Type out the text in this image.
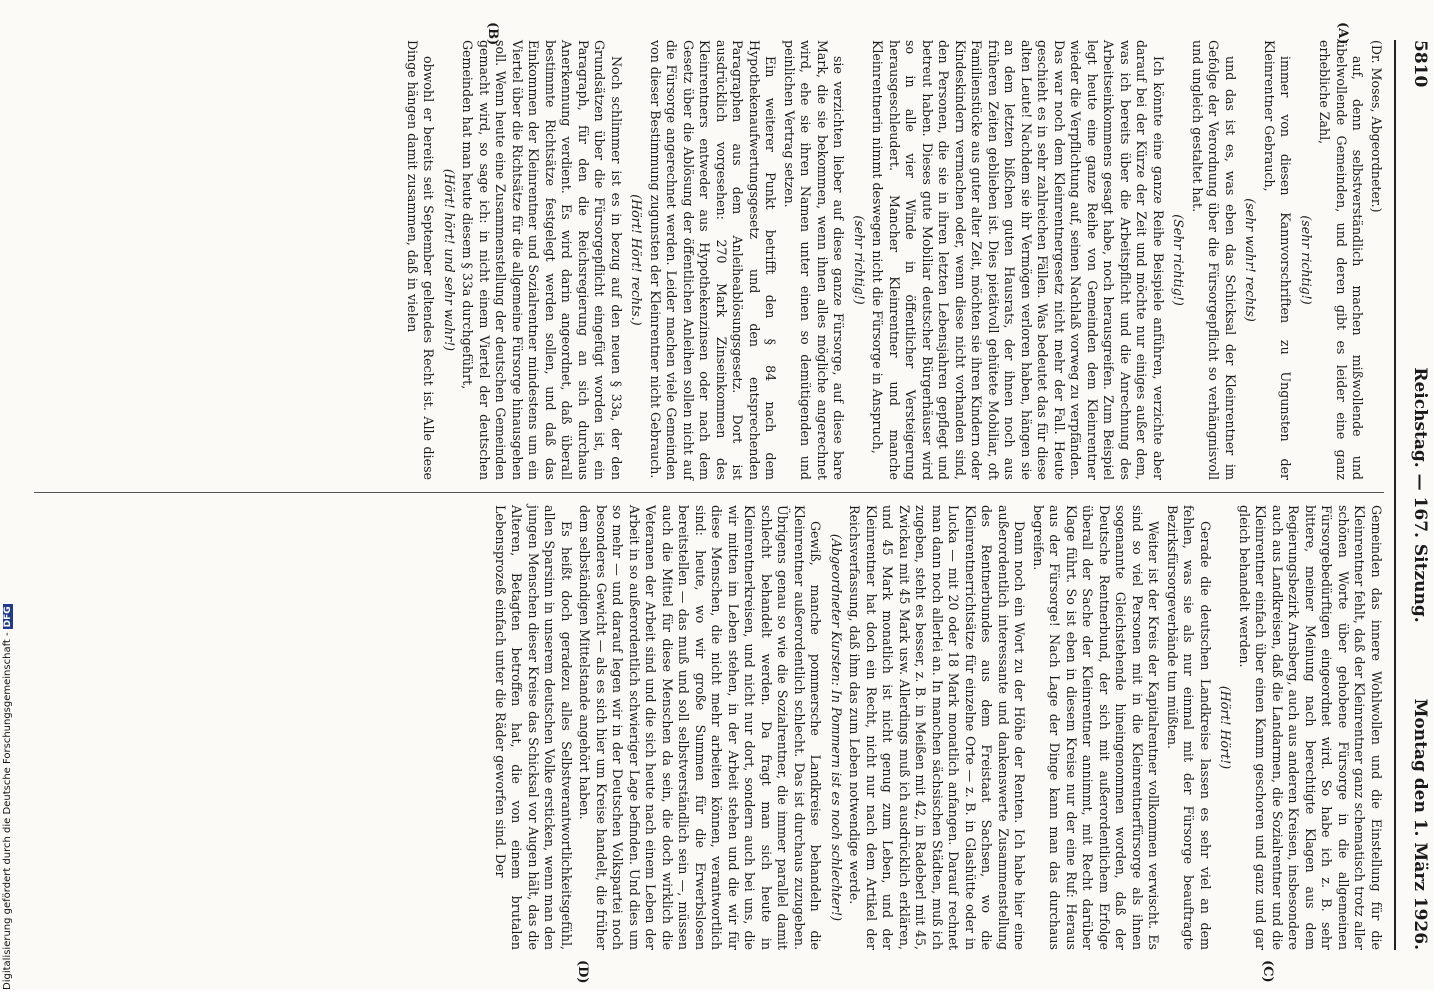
5810
Reichstag. — 167. Sitzung.
Montag den 1. März 1926.
(A)
(B)
(C)
(D)
(Dr. Moses, Abgeordneter.)
auf, denn selbstverständlich machen mißwollende und übelwollende Gemeinden, und deren gibt es leider eine ganz erhebliche Zahl,
(sehr richtig!)
immer von diesen Kannvorschriften zu Ungunsten der Kleinrentner Gebrauch,
(sehr wahr! rechts)
und das ist es, was eben das Schicksal der Kleinrentner im Gefolge der Verordnung über die Fürsorgepflicht so verhängnisvoll und ungleich gestaltet hat.
(Sehr richtig!)
Ich könnte eine ganze Reihe Beispiele anführen, verzichte aber darauf bei der Kürze der Zeit und möchte nur einiges außer dem, was ich bereits über die Arbeitspflicht und die Anrechnung des Arbeitseinkommens gesagt habe, noch herausgreifen. Zum Beispiel legt heute eine ganze Reihe von Gemeinden dem Kleinrentner wieder die Verpflichtung auf, seinen Nachlaß vorweg zu verpfänden. Das war noch dem Kleinrentnergesetz nicht mehr der Fall. Heute geschieht es in sehr zahlreichen Fällen. Was bedeutet das für diese alten Leute! Nachdem sie ihr Vermögen verloren haben, hängen sie an dem letzten bißchen guten Hausrats, der ihnen noch aus früheren Zeiten geblieben ist. Dies pietätvoll gehütete Mobiliar, oft Familienstücke aus guter alter Zeit, möchten sie ihren Kindern oder Kindeskindern vermachen oder, wenn diese nicht vorhanden sind, den Personen, die sie in ihren letzten Lebensjahren gepflegt und betreut haben. Dieses gute Mobiliar deutscher Bürgerhäuser wird so in alle vier Winde in öffentlicher Versteigerung herausgeschleudert. Mancher Kleinrentner und manche Kleinrentnerin nimmt deswegen nicht die Fürsorge in Anspruch,
(sehr richtig!)
sie verzichten lieber auf diese ganze Fürsorge, auf diese bare Mark, die sie bekommen, wenn ihnen alles mögliche angerechnet wird, ehe sie ihren Namen unter einen so demütigenden und peinlichen Vertrag setzen.
Ein weiterer Punkt betrifft den § 84 nach dem Hypothekenaufwertungsgesetz und den entsprechenden Paragraphen aus dem Anleiheablösungsgesetz. Dort ist ausdrücklich vorgesehen: 270 Mark Zinseinkommen des Kleinrentners entweder aus Hypothekenzinsen oder nach dem Gesetz über die Ablösung der öffentlichen Anleihen sollen nicht auf die Fürsorge angerechnet werden. Leider machen viele Gemeinden von dieser Bestimmung zugunsten der Kleinrentner nicht Gebrauch.
(Hört! Hört! rechts.)
Noch schlimmer ist es in bezug auf den neuen § 33a, der den Grundsätzen über die Fürsorgepflicht eingefügt worden ist, ein Paragraph, für den die Reichsregierung an sich durchaus Anerkennung verdient. Es wird darin angeordnet, daß überall bestimmte Richtsätze festgelegt werden sollen, und daß das Einkommen der Kleinrentner und Sozialrentner mindestens um ein Viertel über die Richtsätze für die allgemeine Fürsorge hinausgehen soll. Wenn heute eine Zusammenstellung der deutschen Gemeinden gemacht wird, so sage ich: in nicht einem Viertel der deutschen Gemeinden hat man heute diesem § 33a durchgeführt,
(Hört! hört! und sehr wahr!)
obwohl er bereits seit September geltendes Recht ist. Alle diese Dinge hängen damit zusammen, daß in vielen
Gemeinden das innere Wohlwollen und die Einstellung für die Kleinrentner fehlt, daß der Kleinrentner ganz schematisch trotz aller schönen Worte über gehobene Fürsorge in die allgemeinen Fürsorgebedürftigen eingeordnet wird. So habe ich z. B. sehr bittere, meiner Meinung nach berechtigte Klagen aus dem Regierungsbezirk Arnsberg, auch aus anderen Kreisen, insbesondere auch aus Landkreisen, daß die Landarmen, die Sozialrentner und die Kleinrentner einfach über einen Kamm geschoren und ganz und gar gleich behandelt werden.
(Hört! Hört!)
Gerade die deutschen Landkreise lassen es sehr viel an dem fehlen, was sie als nur einmal mit der Fürsorge beauftragte Bezirksfürsorgeverbände tun müßten.
Weiter ist der Kreis der Kapitalrentner vollkommen verwischt. Es sind so viel Personen mit in die Kleinrentnerfürsorge als ihnen sogenannte Gleichstehende hineingenommen worden, daß der Deutsche Rentnerbund, der sich mit außerordentlichem Erfolge überall der Sache der Kleinrentner annimmt, mit Recht darüber Klage führt. So ist eben in diesem Kreise nur der eine Ruf: Heraus aus der Fürsorge! Nach Lage der Dinge kann man das durchaus begreifen.
Dann noch ein Wort zu der Höhe der Renten. Ich habe hier eine außerordentlich interessante und dankenswerte Zusammenstellung des Rentnerbundes aus dem Freistaat Sachsen, wo die Kleinrentnerrichtsätze für einzelne Orte — z. B. in Glashütte oder in Lucka — mit 20 oder 18 Mark monatlich anfangen. Darauf rechnet man dann noch allerlei an. In manchen sächsischen Städten, muß ich zugeben, steht es besser, z. B. in Meißen mit 42, in Radeberl mit 45, Zwickau mit 45 Mark usw. Allerdings muß ich ausdrücklich erklären, und 45 Mark monatlich ist nicht genug zum Leben, und der Kleinrentner hat doch ein Recht, nicht nur nach dem Artikel der Reichsverfassung, daß ihm das zum Leben notwendige werde.
(Abgeordneter Kursten: In Pommern ist es noch schlechter!)
Gewiß, manche pommersche Landkreise behandeln die Kleinrentner außerordentlich schlecht. Das ist durchaus zuzugeben. Übrigens genau so wie die Sozialrentner, die immer parallel damit schlecht behandelt werden. Da fragt man sich heute in Kleinrentnerkreisen, und nicht nur dort, sondern auch bei uns, die wir mitten im Leben stehen, in der Arbeit stehen und die wir für diese Menschen, die nicht mehr arbeiten können, verantwortlich sind: heute, wo wir große Summen für die Erwerbslosen bereitstellen — das muß und soll selbstverständlich sein —, müssen auch die Mittel für diese Menschen da sein, die doch wirklich die Veteranen der Arbeit sind und die sich heute nach einem Leben der Arbeit in so außerordentlich schwieriger Lage befinden. Und dies um so mehr — und darauf legen wir in der Deutschen Volkspartei noch besonderes Gewicht — als es sich hier um Kreise handelt, die früher dem selbständigen Mittelstande angehört haben.
Es heißt doch geradezu alles Selbstverantwortlichkeitsgefühl, allen Sparsinn in unserem deutschen Volke ersticken, wenn man den jungen Menschen dieser Kreise das Schicksal vor Augen hält, das die Alteren, Betagten betroffen hat, die von einem brutalen Lebensprozeß einfach unter die Räder geworfen sind. Der
Digitalisierung gefördert durch die Deutsche Forschungsgemeinschaft -DFG
